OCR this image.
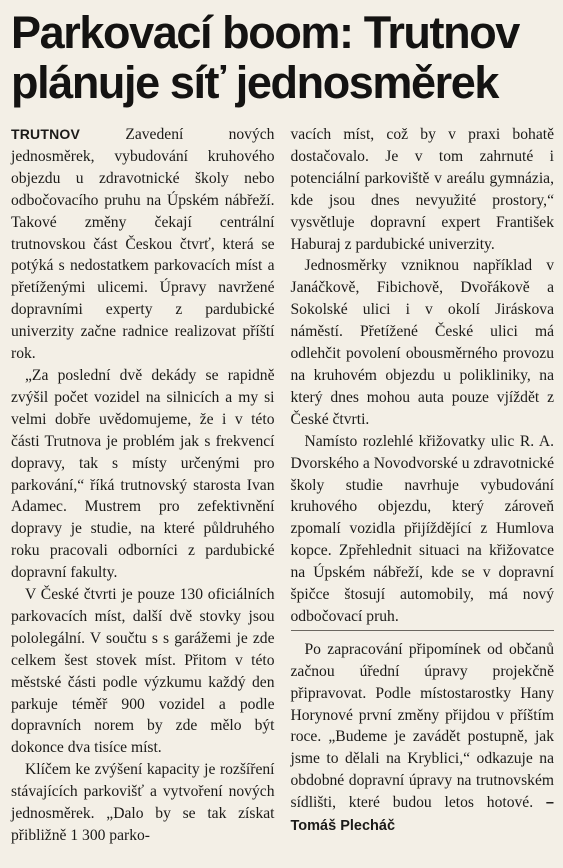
Parkovací boom: Trutnov
plánuje síť jednosměrek

TRUTNOV	Zavedení nových jednosměrek, vybudování kruhového objezdu u zdravotnické školy nebo odbočovacího pruhu na Úpském nábřeží. Takové změny čekají centrální trutnovskou část Českou čtvrť, která se potýká s nedostatkem parkovacích míst a přetíženými ulicemi. Úpravy navržené dopravními experty z pardubické univerzity začne radnice realizovat příští rok.

„Za poslední dvě dekády se rapidně zvýšil počet vozidel na silnicích a my si velmi dobře uvědomujeme, že i v této části Trutnova je problém jak s frekvencí dopravy, tak s místy určenými pro parkování,“ říká trutnovský starosta Ivan Adamec. Mustrem pro zefektivnění dopravy je studie, na které půldruhého roku pracovali odborníci z pardubické dopravní fakulty.

V České čtvrti je pouze 130 oficiálních parkovacích míst, další dvě stovky jsou pololegální. V součtu s s garážemi je zde celkem šest stovek míst. Přitom v této městské části podle výzkumu každý den parkuje téměř 900 vozidel a podle dopravních norem by zde mělo být dokonce dva tisíce míst.

Klíčem ke zvýšení kapacity je rozšíření stávajících parkovišť a vytvoření nových jednosměrek. „Dalo by se tak získat přibližně 1 300 parko-

vacích míst, což by v praxi bohatě dostačovalo. Je v tom zahrnuté i potenciální parkoviště v areálu gymnázia, kde jsou dnes nevyužité prostory,“ vysvětluje dopravní expert František Haburaj z pardubické univerzity.

Jednosměrky vzniknou například v Janáčkově, Fibichově, Dvořákově a Sokolské ulici i v okolí Jiráskova náměstí. Přetížené České ulici má odlehčit povolení obousměrného provozu na kruhovém objezdu u polikliniky, na který dnes mohou auta pouze vjíždět z České čtvrti.

Namísto rozlehlé křižovatky ulic R. A. Dvorského a Novodvorské u zdravotnické školy studie navrhuje vybudování kruhového objezdu, který zároveň zpomalí vozidla přijíždějící z Humlova kopce. Zpřehlednit situaci na křižovatce na Úpském nábřeží, kde se v dopravní špičce štosují automobily, má nový odbočovací pruh.

Po zapracování připomínek od občanů začnou úřední úpravy projekčně připravovat. Podle místostarostky Hany Horynové první změny přijdou v příštím roce. „Budeme je zavádět postupně, jak jsme to dělali na Kryblici,“ odkazuje na obdobné dopravní úpravy na trutnovském sídlišti, které budou letos hotové. – Tomáš Plecháč
